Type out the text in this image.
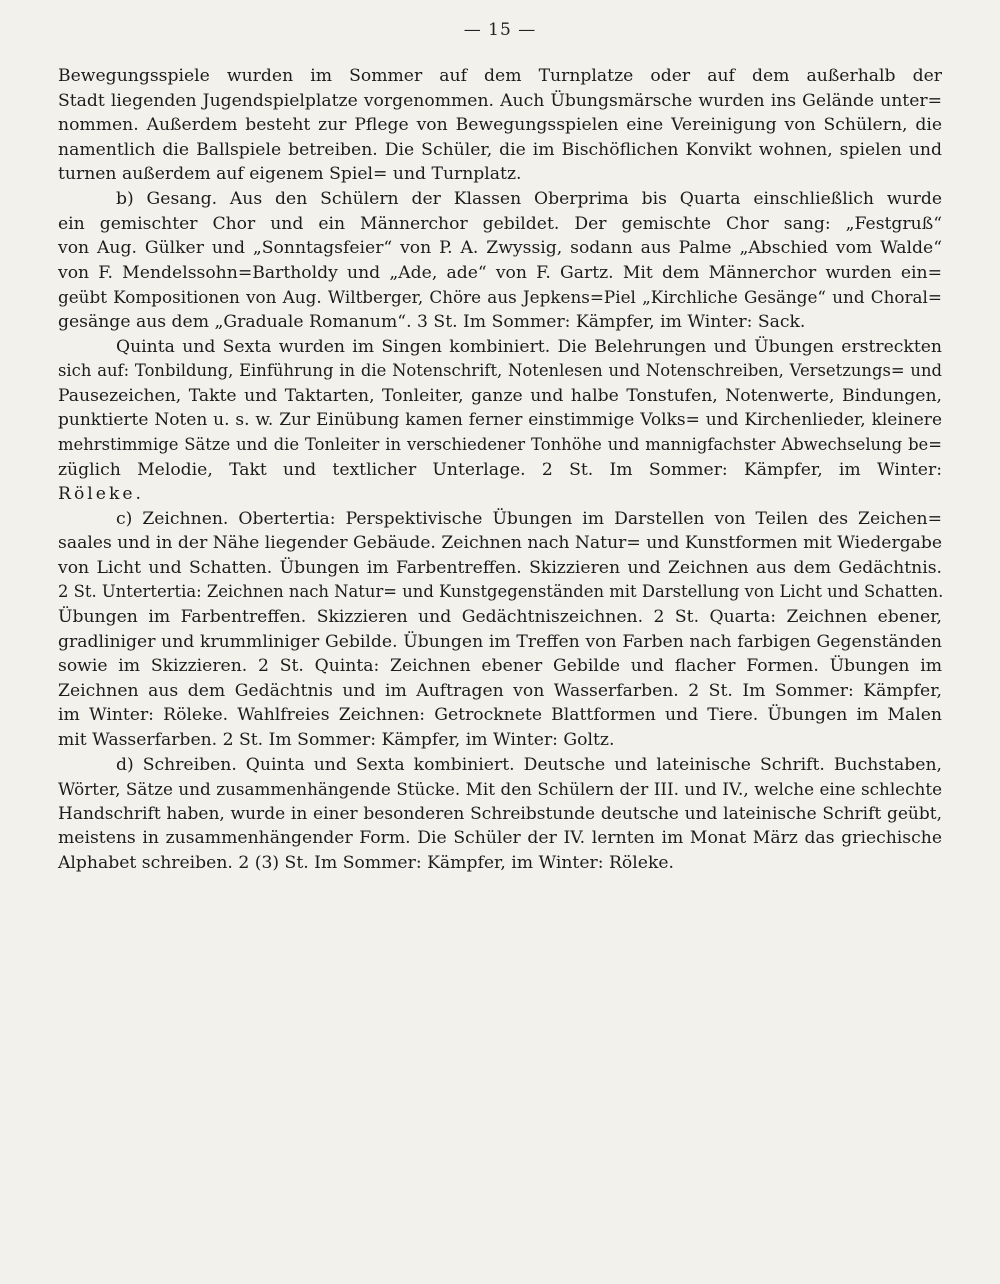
— 15 —
Bewegungsspiele wurden im Sommer auf dem Turnplatze oder auf dem außerhalb der
Stadt liegenden Jugendspielplatze vorgenommen. Auch Übungsmärsche wurden ins Gelände unter=
nommen. Außerdem besteht zur Pflege von Bewegungsspielen eine Vereinigung von Schülern, die
namentlich die Ballspiele betreiben. Die Schüler, die im Bischöflichen Konvikt wohnen, spielen und
turnen außerdem auf eigenem Spiel= und Turnplatz.
b) Gesang. Aus den Schülern der Klassen Oberprima bis Quarta einschließlich wurde
ein gemischter Chor und ein Männerchor gebildet. Der gemischte Chor sang: „Festgruß“
von Aug. Gülker und „Sonntagsfeier“ von P. A. Zwyssig, sodann aus Palme „Abschied vom Walde“
von F. Mendelssohn=Bartholdy und „Ade, ade“ von F. Gartz. Mit dem Männerchor wurden ein=
geübt Kompositionen von Aug. Wiltberger, Chöre aus Jepkens=Piel „Kirchliche Gesänge“ und Choral=
gesänge aus dem „Graduale Romanum“. 3 St. Im Sommer: Kämpfer, im Winter: Sack.
Quinta und Sexta wurden im Singen kombiniert. Die Belehrungen und Übungen erstreckten
sich auf: Tonbildung, Einführung in die Notenschrift, Notenlesen und Notenschreiben, Versetzungs= und
Pausezeichen, Takte und Taktarten, Tonleiter, ganze und halbe Tonstufen, Notenwerte, Bindungen,
punktierte Noten u. s. w. Zur Einübung kamen ferner einstimmige Volks= und Kirchenlieder, kleinere
mehrstimmige Sätze und die Tonleiter in verschiedener Tonhöhe und mannigfachster Abwechselung be=
züglich Melodie, Takt und textlicher Unterlage. 2 St. Im Sommer: Kämpfer, im Winter:
Röleke.
c) Zeichnen. Obertertia: Perspektivische Übungen im Darstellen von Teilen des Zeichen=
saales und in der Nähe liegender Gebäude. Zeichnen nach Natur= und Kunstformen mit Wiedergabe
von Licht und Schatten. Übungen im Farbentreffen. Skizzieren und Zeichnen aus dem Gedächtnis.
2 St. Untertertia: Zeichnen nach Natur= und Kunstgegenständen mit Darstellung von Licht und Schatten.
Übungen im Farbentreffen. Skizzieren und Gedächtniszeichnen. 2 St. Quarta: Zeichnen ebener,
gradliniger und krummliniger Gebilde. Übungen im Treffen von Farben nach farbigen Gegenständen
sowie im Skizzieren. 2 St. Quinta: Zeichnen ebener Gebilde und flacher Formen. Übungen im
Zeichnen aus dem Gedächtnis und im Auftragen von Wasserfarben. 2 St. Im Sommer: Kämpfer,
im Winter: Röleke. Wahlfreies Zeichnen: Getrocknete Blattformen und Tiere. Übungen im Malen
mit Wasserfarben. 2 St. Im Sommer: Kämpfer, im Winter: Goltz.
d) Schreiben. Quinta und Sexta kombiniert. Deutsche und lateinische Schrift. Buchstaben,
Wörter, Sätze und zusammenhängende Stücke. Mit den Schülern der III. und IV., welche eine schlechte
Handschrift haben, wurde in einer besonderen Schreibstunde deutsche und lateinische Schrift geübt,
meistens in zusammenhängender Form. Die Schüler der IV. lernten im Monat März das griechische
Alphabet schreiben. 2 (3) St. Im Sommer: Kämpfer, im Winter: Röleke.
